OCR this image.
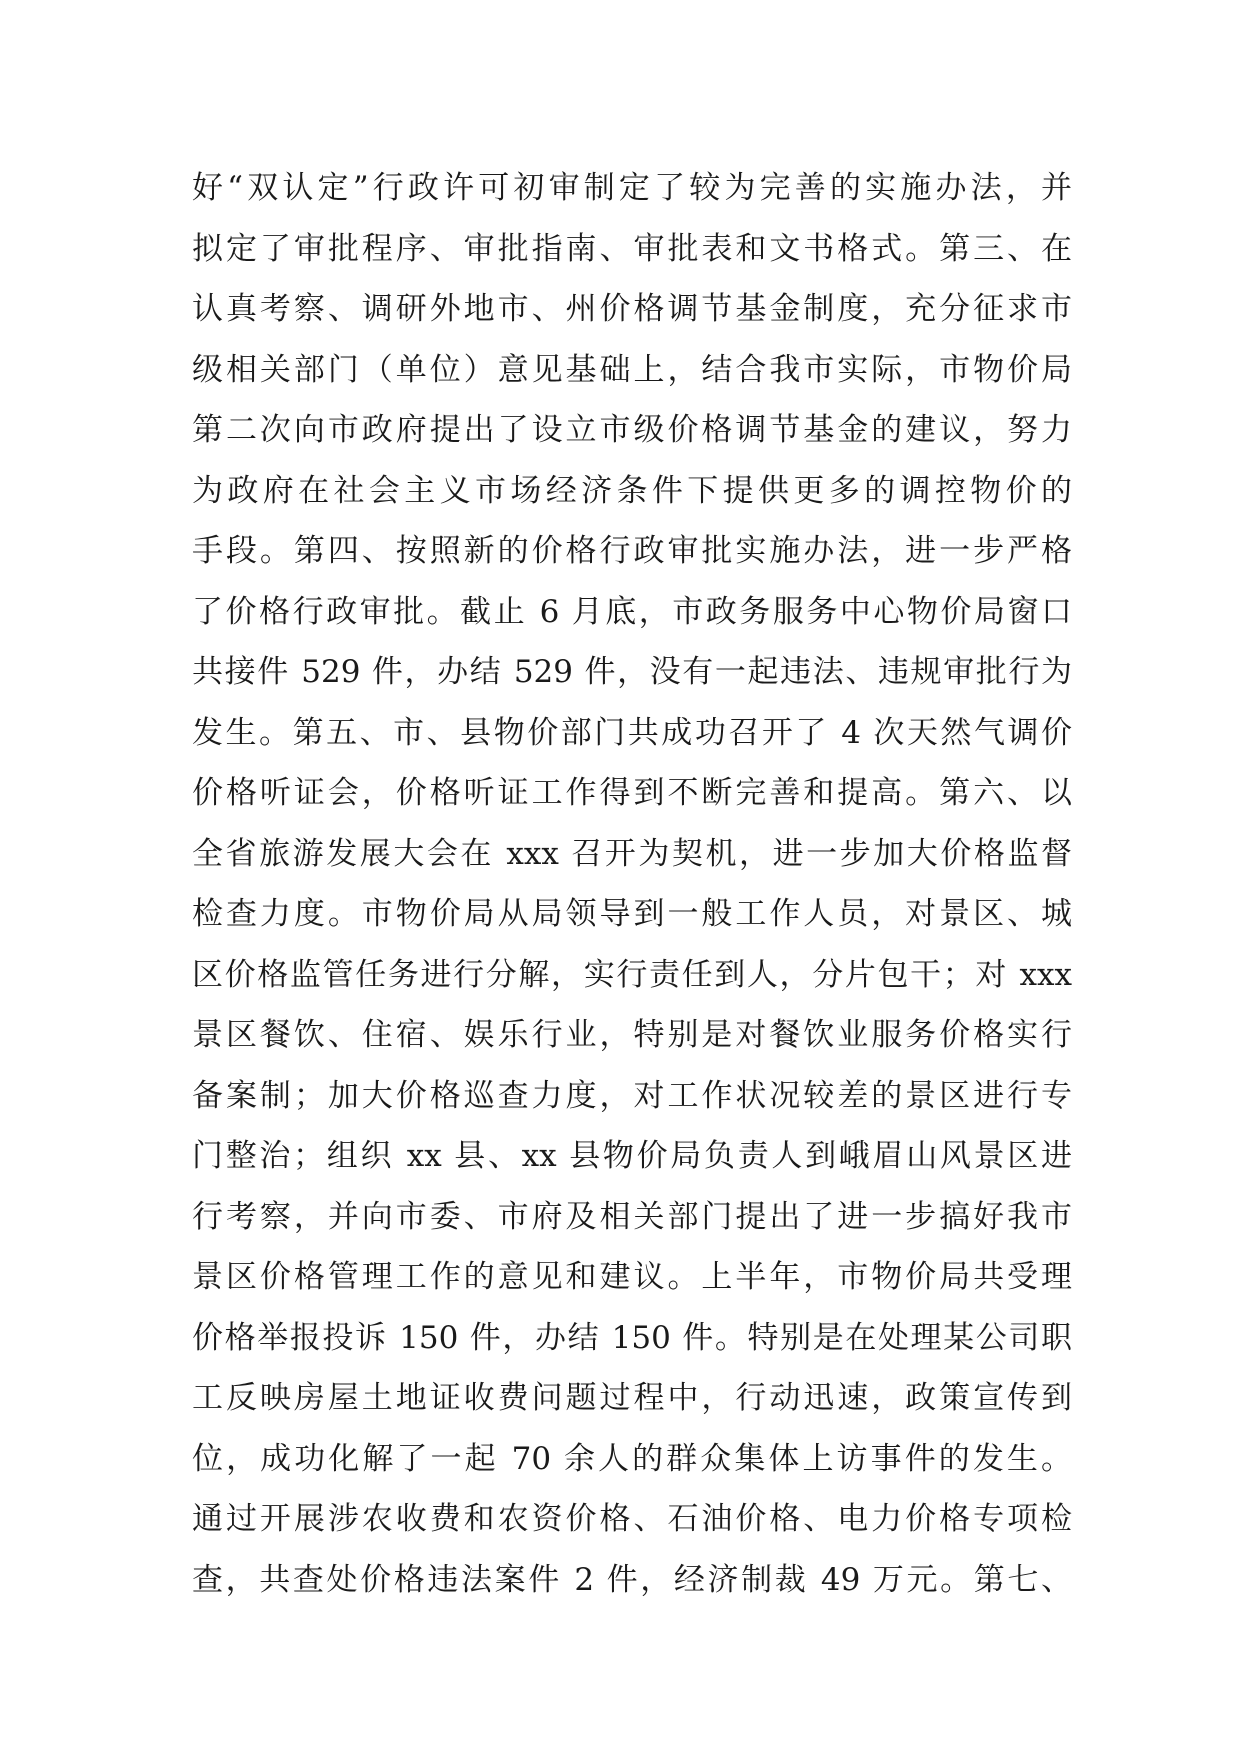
好“双认定”行政许可初审制定了较为完善的实施办法，并
拟定了审批程序、审批指南、审批表和文书格式。第三、在
认真考察、调研外地市、州价格调节基金制度，充分征求市
级相关部门（单位）意见基础上，结合我市实际，市物价局
第二次向市政府提出了设立市级价格调节基金的建议，努力
为政府在社会主义市场经济条件下提供更多的调控物价的
手段。第四、按照新的价格行政审批实施办法，进一步严格
了价格行政审批。截止 6 月底，市政务服务中心物价局窗口
共接件 529 件，办结 529 件，没有一起违法、违规审批行为
发生。第五、市、县物价部门共成功召开了 4 次天然气调价
价格听证会，价格听证工作得到不断完善和提高。第六、以
全省旅游发展大会在 xxx 召开为契机，进一步加大价格监督
检查力度。市物价局从局领导到一般工作人员，对景区、城
区价格监管任务进行分解，实行责任到人，分片包干；对 xxx
景区餐饮、住宿、娱乐行业，特别是对餐饮业服务价格实行
备案制；加大价格巡查力度，对工作状况较差的景区进行专
门整治；组织 xx 县、xx 县物价局负责人到峨眉山风景区进
行考察，并向市委、市府及相关部门提出了进一步搞好我市
景区价格管理工作的意见和建议。上半年，市物价局共受理
价格举报投诉 150 件，办结 150 件。特别是在处理某公司职
工反映房屋土地证收费问题过程中，行动迅速，政策宣传到
位，成功化解了一起 70 余人的群众集体上访事件的发生。
通过开展涉农收费和农资价格、石油价格、电力价格专项检
查，共查处价格违法案件 2 件，经济制裁 49 万元。第七、
